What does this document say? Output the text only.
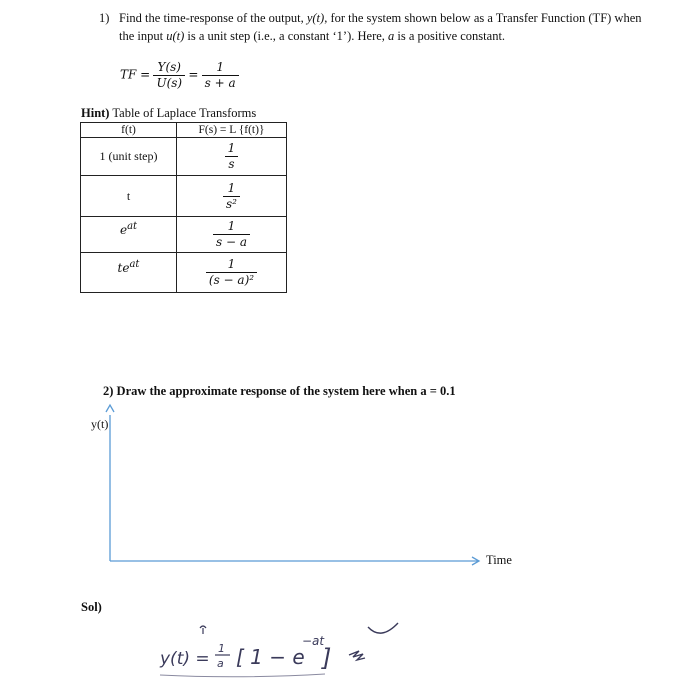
1) Find the time-response of the output, y(t), for the system shown below as a Transfer Function (TF) when the input u(t) is a unit step (i.e., a constant ‘1’). Here, a is a positive constant.
TF = $\frac{Y(s)}{U(s)} = \frac{1}{s + a}$
Hint) Table of Laplace Transforms
f(t)	F(s) = L {f(t)}
1 (unit step)	$\frac{1}{s}$

t	$\frac{1}{\text{s²}}$

$e^{at}$	$\frac{1}{s - a}$

$te^{at}$	$\frac{1}{\text{(s − a)²}}$
2) Draw the approximate response of the system here when a = 0.1
y(t)
Time
Sol)
y(t) =
1
a [ 1 − e
−at
]
